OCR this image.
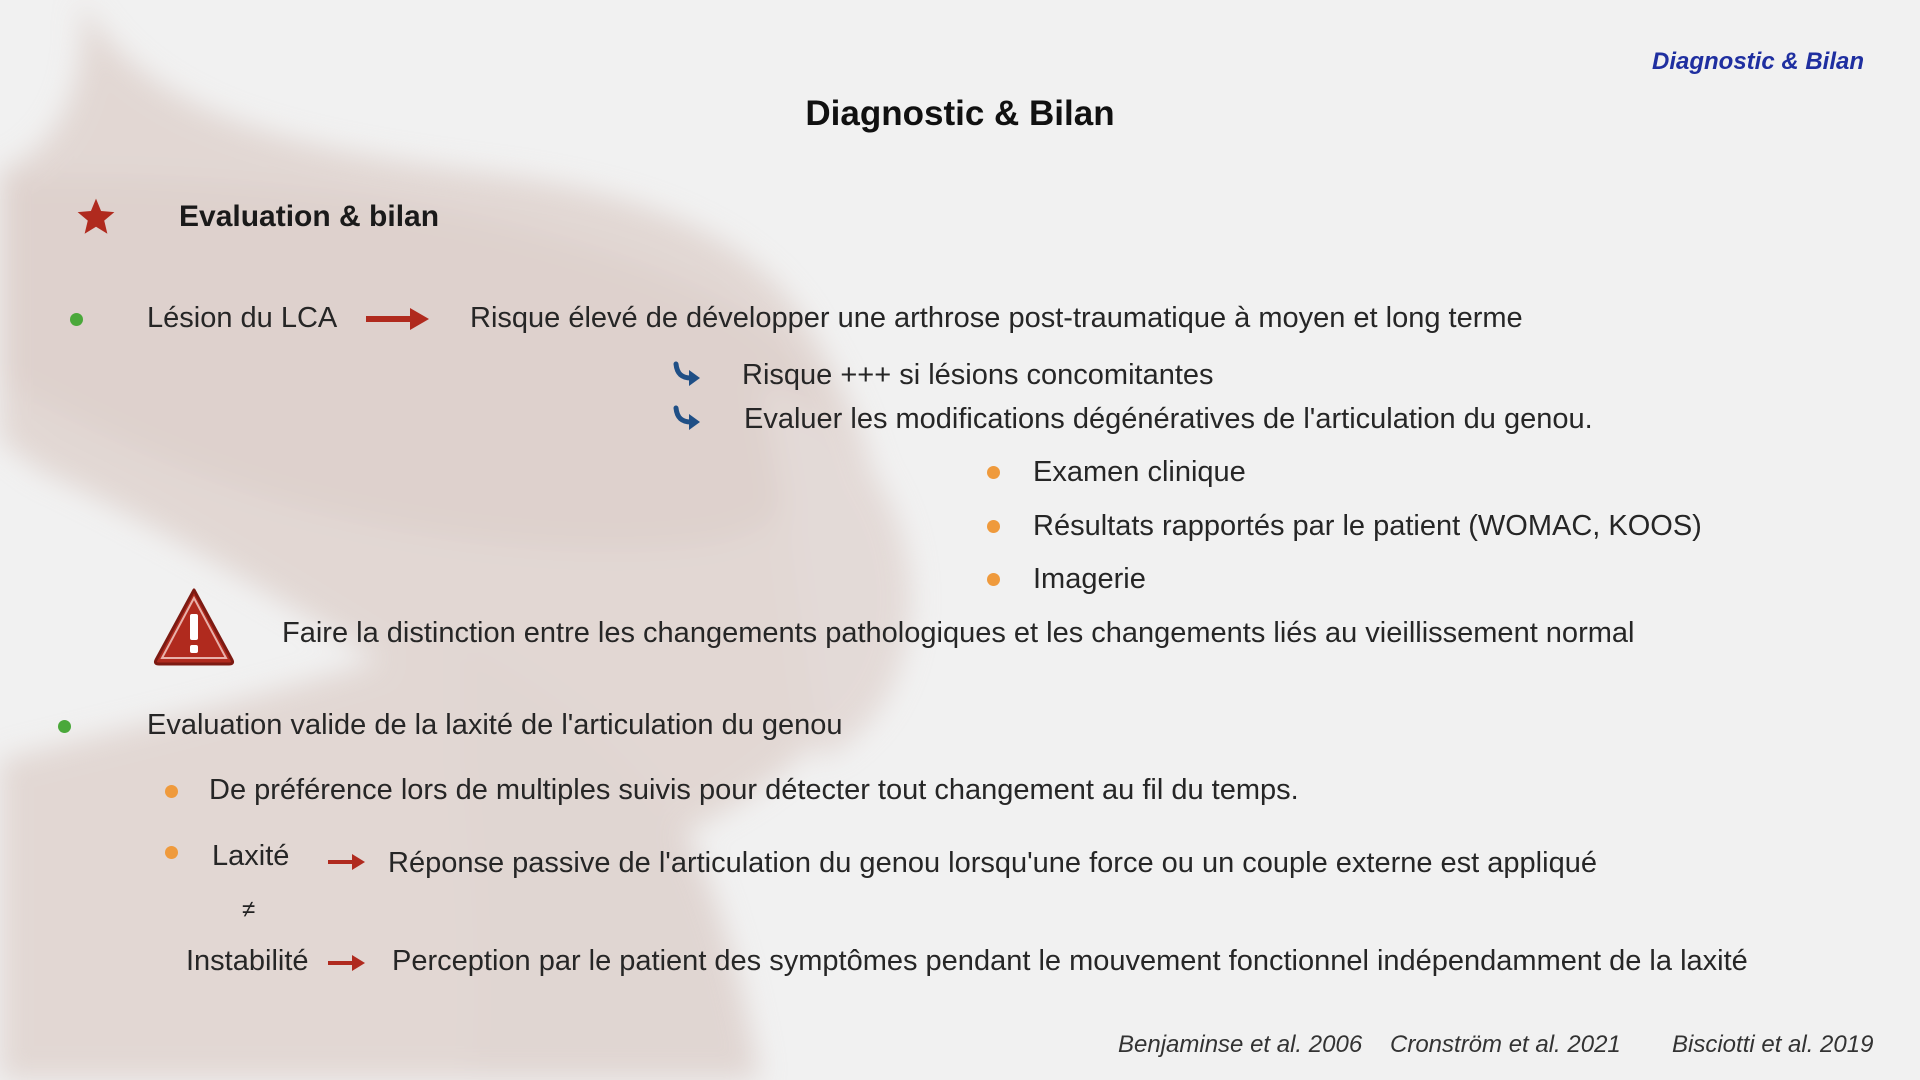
Diagnostic & Bilan
Diagnostic & Bilan
Evaluation & bilan
Lésion du LCA	Risque élevé de développer une arthrose post-traumatique à moyen et long terme
Risque +++ si lésions concomitantes
Evaluer les modifications dégénératives de l'articulation du genou.
Examen clinique
Résultats rapportés par le patient (WOMAC, KOOS)
Imagerie
Faire la distinction entre les changements pathologiques et les changements liés au vieillissement normal
Evaluation valide de la laxité de l'articulation du genou
De préférence lors de multiples suivis pour détecter tout changement au fil du temps.
Laxité	Réponse passive de l'articulation du genou lorsqu'une force ou un couple externe est appliqué
≠
Instabilité	Perception par le patient des symptômes pendant le mouvement fonctionnel indépendamment de la laxité
Benjaminse et al. 2006 Cronström et al. 2021 Bisciotti et al. 2019
